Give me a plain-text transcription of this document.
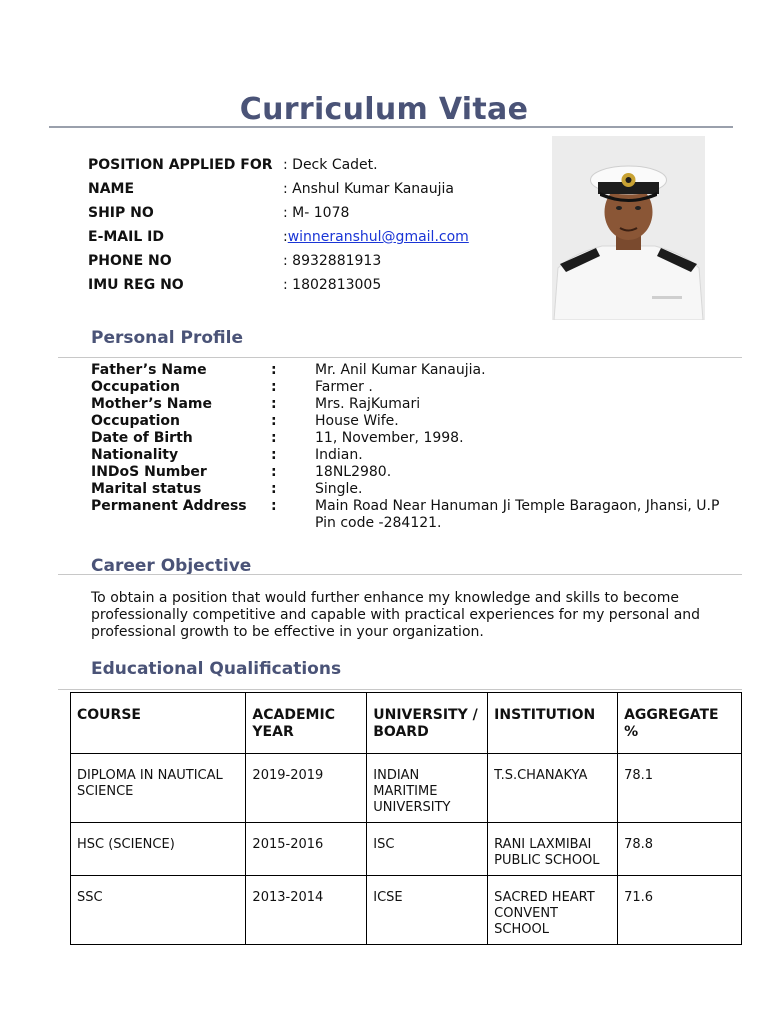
Curriculum Vitae
POSITION APPLIED FOR : Deck Cadet.
NAME	: Anshul Kumar Kanaujia
SHIP NO	: M- 1078
E-MAIL ID	:winneranshul@gmail.com
PHONE NO	: 8932881913
IMU REG NO	: 1802813005
Personal Profile
Father’s Name	:	Mr. Anil Kumar Kanaujia.
Occupation	:	Farmer .
Mother’s Name	:	Mrs. RajKumari
Occupation	:	House Wife.
Date of Birth	:	11, November, 1998.
Nationality	:	Indian.
INDoS Number	:	18NL2980.
Marital status	:	Single.
Permanent Address :	Main Road Near Hanuman Ji Temple Baragaon, Jhansi, U.P
Pin code -284121.
Career Objective
To obtain a position that would further enhance my knowledge and skills to become professionally competitive and capable with practical experiences for my personal and professional growth to be effective in your organization.
Educational Qualifications
COURSE	ACADEMIC YEAR	UNIVERSITY / BOARD	INSTITUTION	AGGREGATE %
DIPLOMA IN NAUTICAL SCIENCE	2019-2019	INDIAN MARITIME UNIVERSITY	T.S.CHANAKYA	78.1
HSC (SCIENCE)	2015-2016	ISC	RANI LAXMIBAI PUBLIC SCHOOL	78.8
SSC	2013-2014	ICSE	SACRED HEART CONVENT SCHOOL	71.6
